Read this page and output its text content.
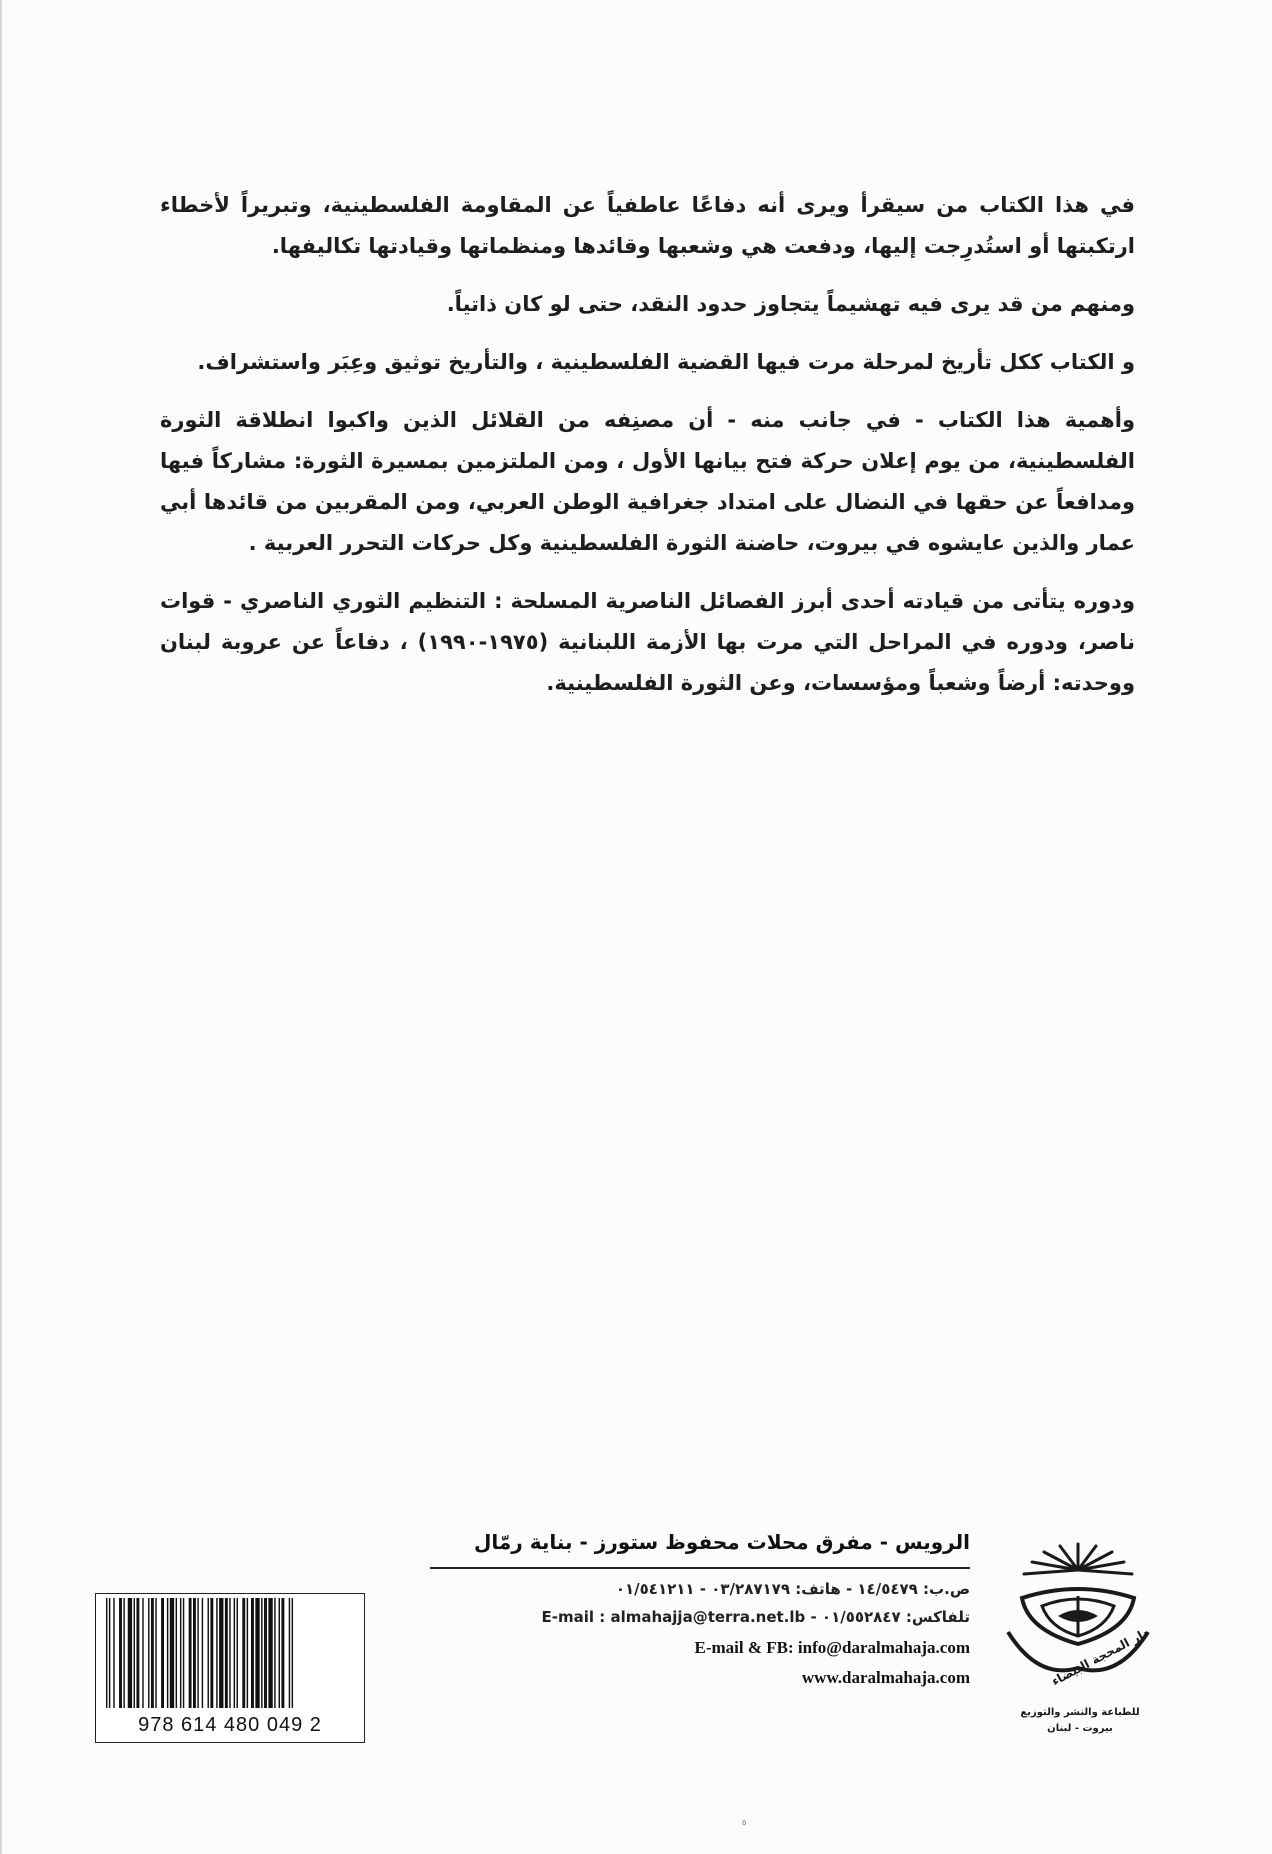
في هذا الكتاب من سيقرأ ويرى أنه دفاعًا عاطفياً عن المقاومة الفلسطينية، وتبريراً لأخطاء ارتكبتها أو استُدرِجت إليها، ودفعت هي وشعبها وقائدها ومنظماتها وقيادتها تكاليفها.

ومنهم من قد يرى فيه تهشيماً يتجاوز حدود النقد، حتى لو كان ذاتياً.

و الكتاب ككل تأريخ لمرحلة مرت فيها القضية الفلسطينية ، والتأريخ توثيق وعِبَر واستشراف.

وأهمية هذا الكتاب - في جانب منه - أن مصنِفه من القلائل الذين واكبوا انطلاقة الثورة الفلسطينية، من يوم إعلان حركة فتح بيانها الأول ، ومن الملتزمين بمسيرة الثورة: مشاركاً فيها ومدافعاً عن حقها في النضال على امتداد جغرافية الوطن العربي، ومن المقربين من قائدها أبي عمار والذين عايشوه في بيروت، حاضنة الثورة الفلسطينية وكل حركات التحرر العربية .

ودوره يتأتى من قيادته أحدى أبرز الفصائل الناصرية المسلحة : التنظيم الثوري الناصري - قوات ناصر، ودوره في المراحل التي مرت بها الأزمة اللبنانية (١٩٧٥-١٩٩٠) ، دفاعاً عن عروبة لبنان ووحدته: أرضاً وشعباً ومؤسسات، وعن الثورة الفلسطينية.

978 614 480 049 2
الرويس - مفرق محلات محفوظ ستورز - بناية رمّال
ص.ب: ١٤/٥٤٧٩ - هاتف: ٠٣/٢٨٧١٧٩ - ٠١/٥٤١٢١١
تلفاكس: ٠١/٥٥٢٨٤٧ - E-mail : almahajja@terra.net.lb
E-mail & FB: info@daralmahaja.com
www.daralmahaja.com	دار المحجة البيضاء
للطباعة والنشر والتوزيع
بيروت - لبنان
٥
